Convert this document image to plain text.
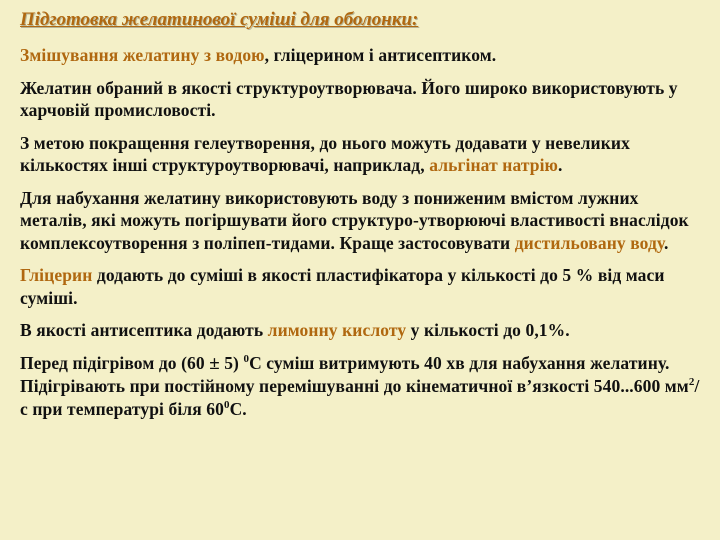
Підготовка желатинової суміші для оболонки:

Змішування желатину з водою, гліцерином і антисептиком.

Желатин обраний в якості структуроутворювача. Його широко використовують у харчовій промисловості.

З метою покращення гелеутворення, до нього можуть додавати у невеликих кількостях інші структуроутворювачі, наприклад, альгінат натрію.

Для набухання желатину використовують воду з пониженим вмістом лужних металів, які можуть погіршувати його структуро-утворюючі властивості внаслідок комплексоутворення з поліпеп-тидами. Краще застосовувати дистильовану воду.

Гліцерин додають до суміші в якості пластифікатора у кількості до 5 % від маси суміші.

В якості антисептика додають лимонну кислоту у кількості до 0,1%.

Перед підігрівом до (60 ± 5) $^0$С суміш витримують 40 хв для набухання желатину. Підігрівають при постійному перемішуванні до кінематичної в’язкості 540...600 $мм^2/с$ при температурі біля $60^0С$.
